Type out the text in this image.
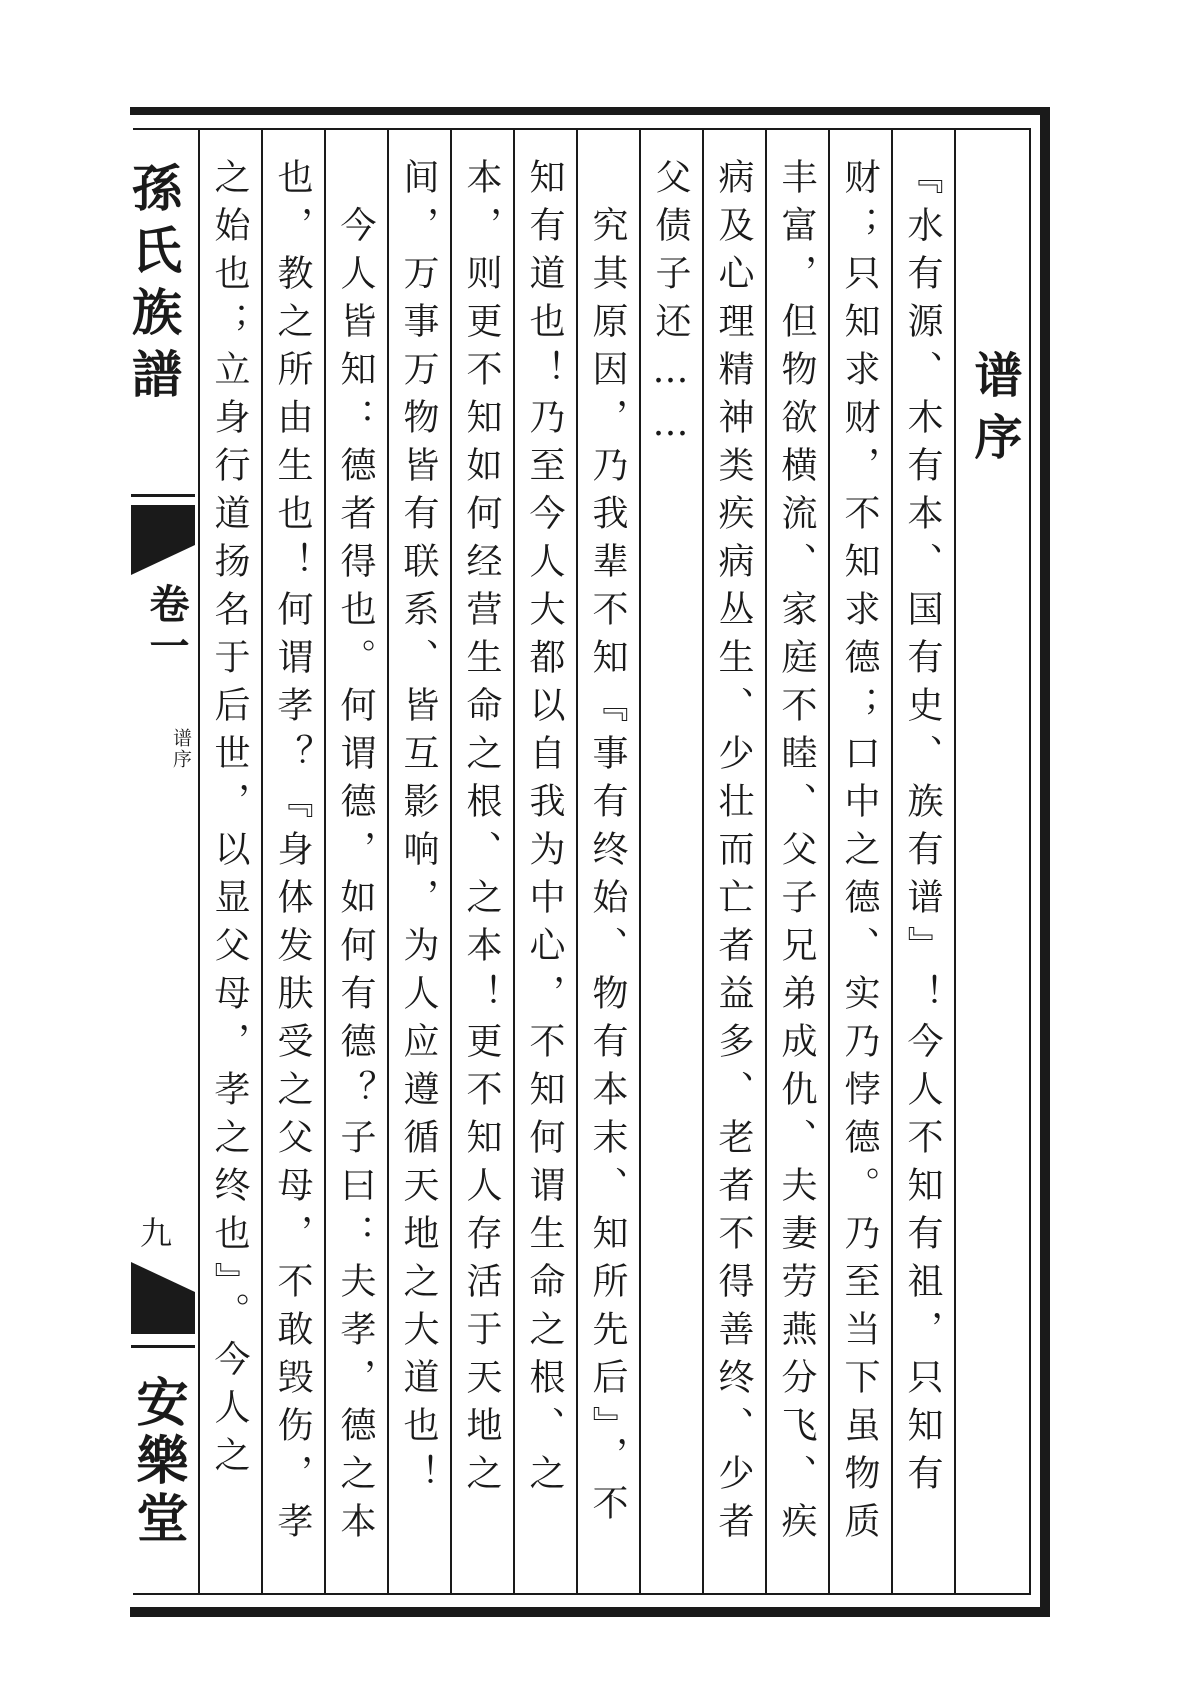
谱序
『水有源、木有本、国有史、族有谱』！今人不知有祖，只知有
财；只知求财，不知求德；口中之德、实乃悖德。乃至当下虽物质
丰富，但物欲横流、家庭不睦、父子兄弟成仇、夫妻劳燕分飞、疾
病及心理精神类疾病丛生、少壮而亡者益多、老者不得善终、少者
父债子还……
　究其原因，乃我辈不知『事有终始、物有本末、知所先后』，不
知有道也！乃至今人大都以自我为中心，不知何谓生命之根、之
本，则更不知如何经营生命之根、之本！更不知人存活于天地之
间，万事万物皆有联系、皆互影响，为人应遵循天地之大道也！
　今人皆知：德者得也。何谓德，如何有德？子曰：夫孝，德之本
也，教之所由生也！何谓孝？『身体发肤受之父母，不敢毁伤，孝
之始也；立身行道扬名于后世，以显父母，孝之终也』。今人之
孫氏族譜
卷一
谱序
九
安樂堂
